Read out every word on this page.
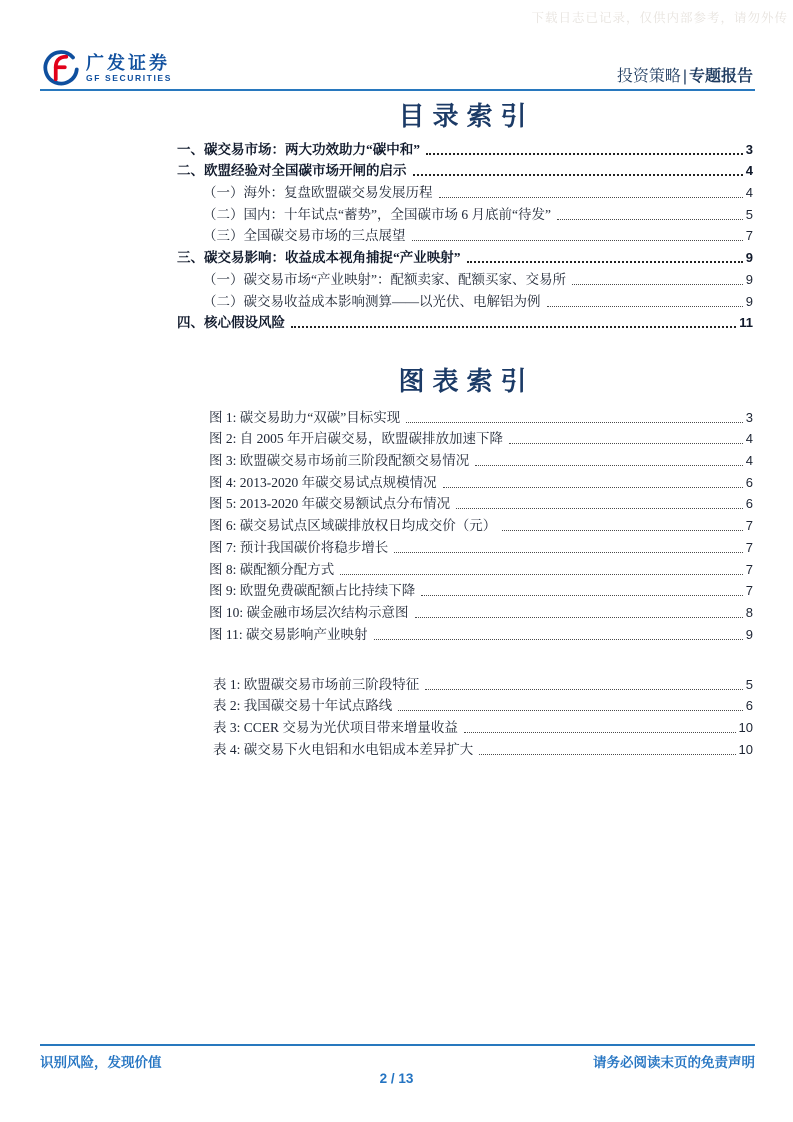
下载日志已记录，仅供内部参考，请勿外传
广发证券
GF SECURITIES	投资策略 | 专题报告
目录索引
一、碳交易市场：两大功效助力“碳中和”	3
二、欧盟经验对全国碳市场开闸的启示	4
（一）海外：复盘欧盟碳交易发展历程	4
（二）国内：十年试点“蓄势”，全国碳市场 6 月底前“待发”	5
（三）全国碳交易市场的三点展望	7
三、碳交易影响：收益成本视角捕捉“产业映射”	9
（一）碳交易市场“产业映射”：配额卖家、配额买家、交易所	9
（二）碳交易收益成本影响测算——以光伏、电解铝为例	9
四、核心假设风险	11
图表索引
图 1: 碳交易助力“双碳”目标实现	3
图 2: 自 2005 年开启碳交易，欧盟碳排放加速下降	4
图 3: 欧盟碳交易市场前三阶段配额交易情况	4
图 4: 2013-2020 年碳交易试点规模情况	6
图 5: 2013-2020 年碳交易额试点分布情况	6
图 6: 碳交易试点区域碳排放权日均成交价（元）	7
图 7: 预计我国碳价将稳步增长	7
图 8: 碳配额分配方式	7
图 9: 欧盟免费碳配额占比持续下降	7
图 10: 碳金融市场层次结构示意图	8
图 11: 碳交易影响产业映射	9
表 1: 欧盟碳交易市场前三阶段特征	5
表 2: 我国碳交易十年试点路线	6
表 3: CCER 交易为光伏项目带来增量收益	10
表 4: 碳交易下火电铝和水电铝成本差异扩大	10
识别风险，发现价值	请务必阅读末页的免责声明
2 / 13
